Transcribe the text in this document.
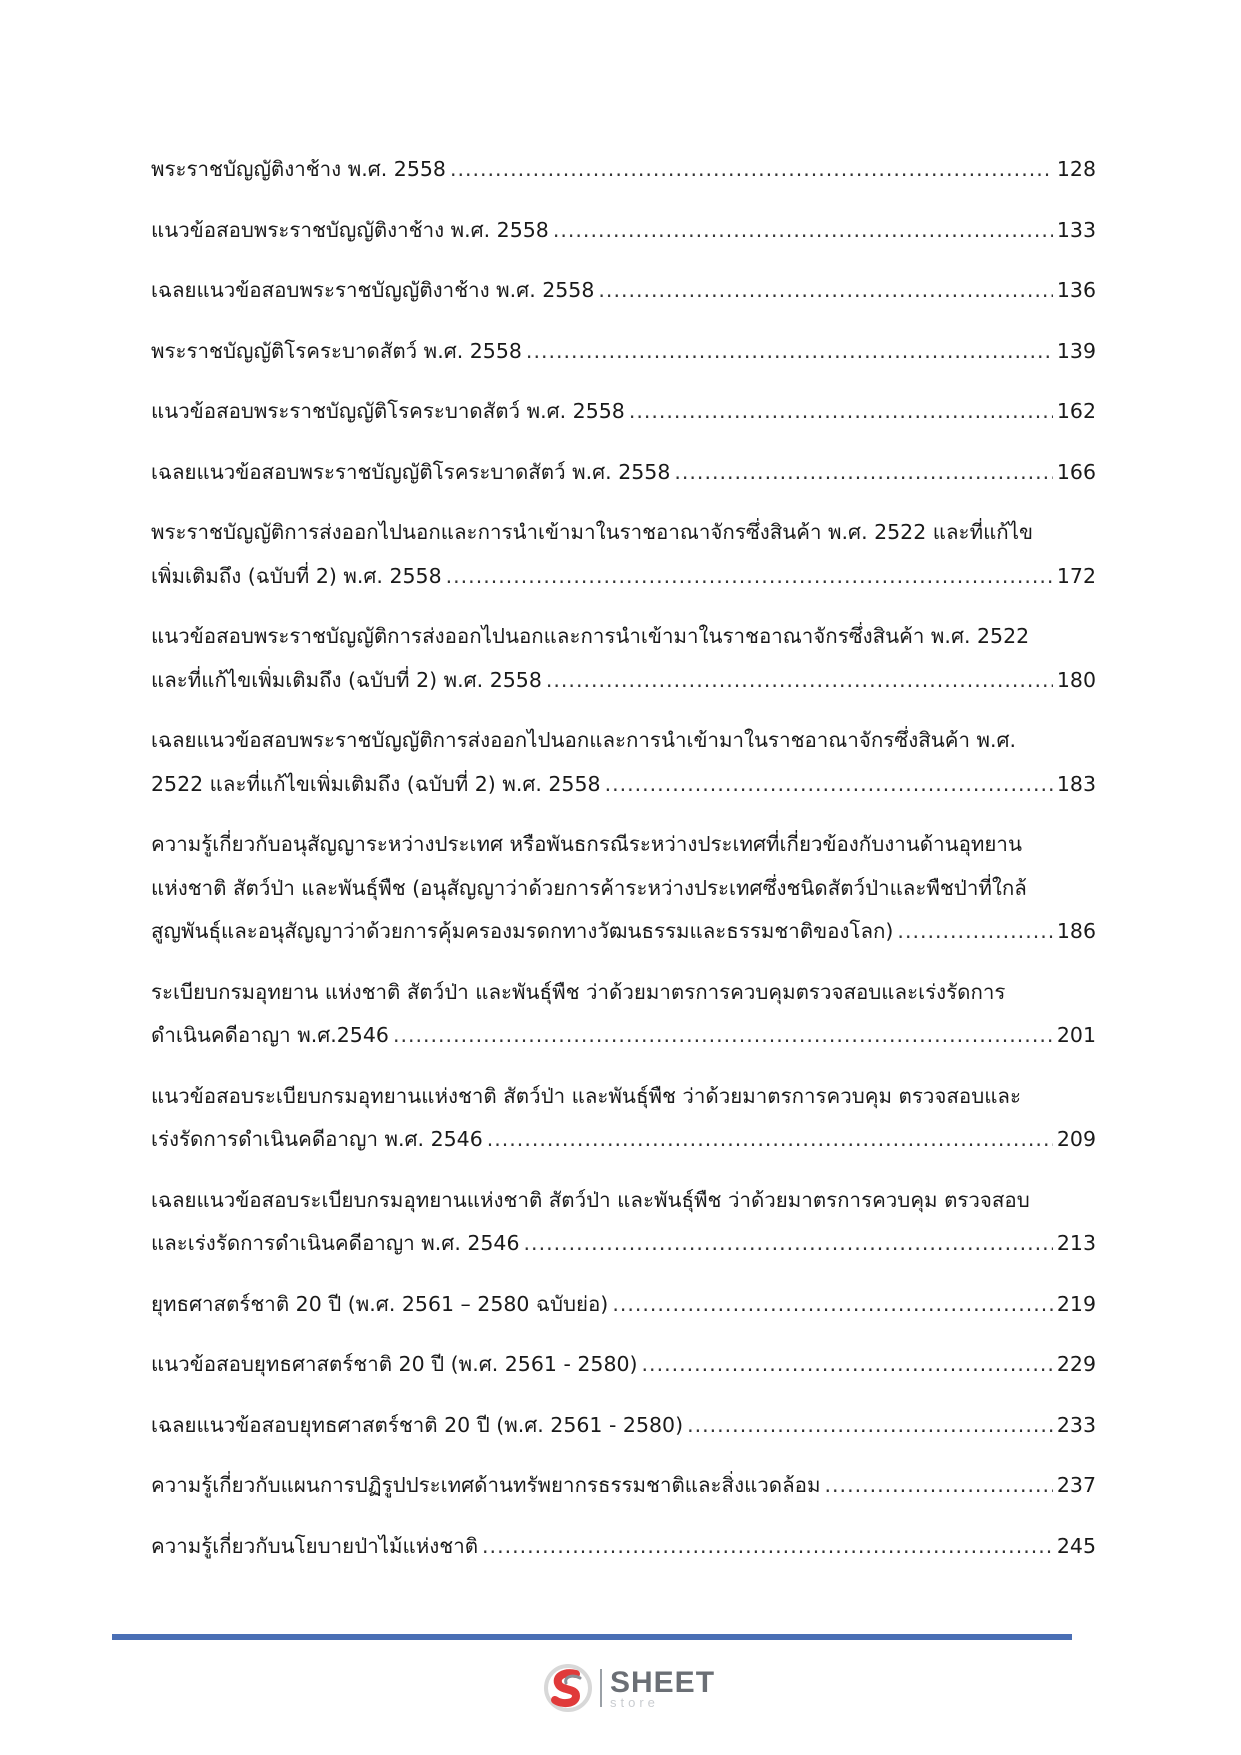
พระราชบัญญัติงาช้าง พ.ศ. 2558 .....	128
แนวข้อสอบพระราชบัญญัติงาช้าง พ.ศ. 2558 .....	133
เฉลยแนวข้อสอบพระราชบัญญัติงาช้าง พ.ศ. 2558 .....	136
พระราชบัญญัติโรคระบาดสัตว์ พ.ศ. 2558 .....	139
แนวข้อสอบพระราชบัญญัติโรคระบาดสัตว์ พ.ศ. 2558 .....	162
เฉลยแนวข้อสอบพระราชบัญญัติโรคระบาดสัตว์ พ.ศ. 2558 .....	166
พระราชบัญญัติการส่งออกไปนอกและการนำเข้ามาในราชอาณาจักรซึ่งสินค้า พ.ศ. 2522 และที่แก้ไข
เพิ่มเติมถึง (ฉบับที่ 2) พ.ศ. 2558 .....	172
แนวข้อสอบพระราชบัญญัติการส่งออกไปนอกและการนำเข้ามาในราชอาณาจักรซึ่งสินค้า พ.ศ. 2522
และที่แก้ไขเพิ่มเติมถึง (ฉบับที่ 2) พ.ศ. 2558 .....	180
เฉลยแนวข้อสอบพระราชบัญญัติการส่งออกไปนอกและการนำเข้ามาในราชอาณาจักรซึ่งสินค้า พ.ศ.
2522 และที่แก้ไขเพิ่มเติมถึง (ฉบับที่ 2) พ.ศ. 2558 .....	183
ความรู้เกี่ยวกับอนุสัญญาระหว่างประเทศ หรือพันธกรณีระหว่างประเทศที่เกี่ยวข้องกับงานด้านอุทยาน
แห่งชาติ สัตว์ป่า และพันธุ์พืช (อนุสัญญาว่าด้วยการค้าระหว่างประเทศซึ่งชนิดสัตว์ป่าและพืชป่าที่ใกล้
สูญพันธุ์และอนุสัญญาว่าด้วยการคุ้มครองมรดกทางวัฒนธรรมและธรรมชาติของโลก) .....	186
ระเบียบกรมอุทยาน แห่งชาติ สัตว์ป่า และพันธุ์พืช ว่าด้วยมาตรการควบคุมตรวจสอบและเร่งรัดการ
ดำเนินคดีอาญา พ.ศ.2546 .....	201
แนวข้อสอบระเบียบกรมอุทยานแห่งชาติ สัตว์ป่า และพันธุ์พืช ว่าด้วยมาตรการควบคุม ตรวจสอบและ
เร่งรัดการดำเนินคดีอาญา พ.ศ. 2546 .....	209
เฉลยแนวข้อสอบระเบียบกรมอุทยานแห่งชาติ สัตว์ป่า และพันธุ์พืช ว่าด้วยมาตรการควบคุม ตรวจสอบ
และเร่งรัดการดำเนินคดีอาญา พ.ศ. 2546 .....	213
ยุทธศาสตร์ชาติ 20 ปี (พ.ศ. 2561 – 2580 ฉบับย่อ) .....	219
แนวข้อสอบยุทธศาสตร์ชาติ 20 ปี (พ.ศ. 2561 - 2580) .....	229
เฉลยแนวข้อสอบยุทธศาสตร์ชาติ 20 ปี (พ.ศ. 2561 - 2580) .....	233
ความรู้เกี่ยวกับแผนการปฏิรูปประเทศด้านทรัพยากรธรรมชาติและสิ่งแวดล้อม .....	237
ความรู้เกี่ยวกับนโยบายป่าไม้แห่งชาติ .....	245
SHEET
store
